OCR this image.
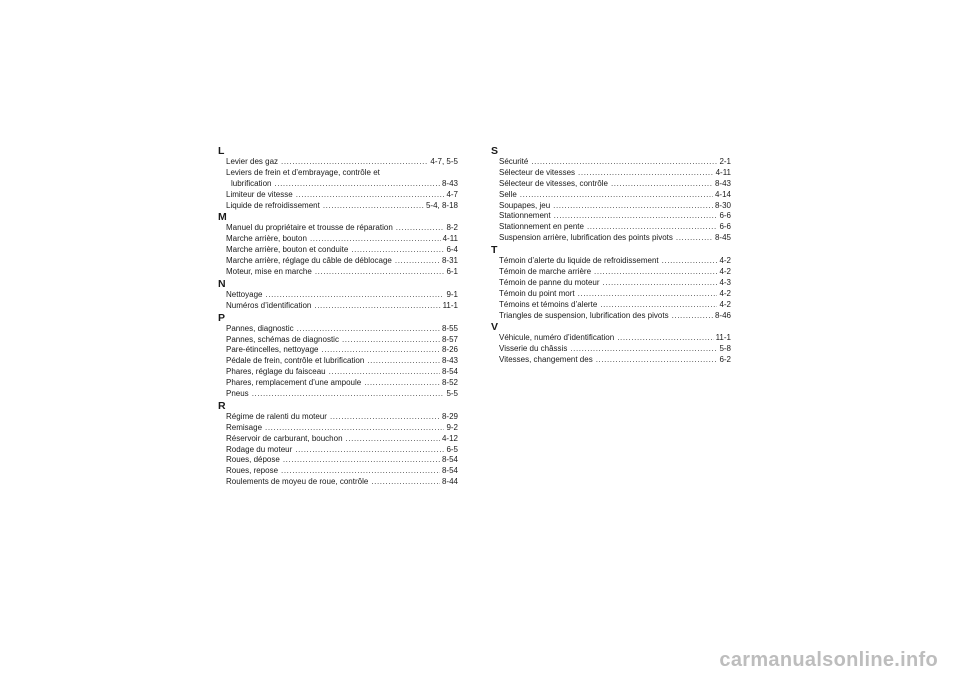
L
Levier des gaz .....	4-7, 5-5
Leviers de frein et d’embrayage, contrôle et
lubrification .....	8-43
Limiteur de vitesse .....	4-7
Liquide de refroidissement .....	5-4, 8-18
M
Manuel du propriétaire et trousse de réparation .....	8-2
Marche arrière, bouton .....	4-11
Marche arrière, bouton et conduite .....	6-4
Marche arrière, réglage du câble de déblocage .....	8-31
Moteur, mise en marche .....	6-1
N
Nettoyage .....	9-1
Numéros d’identification .....	11-1
P
Pannes, diagnostic .....	8-55
Pannes, schémas de diagnostic .....	8-57
Pare-étincelles, nettoyage .....	8-26
Pédale de frein, contrôle et lubrification .....	8-43
Phares, réglage du faisceau .....	8-54
Phares, remplacement d’une ampoule .....	8-52
Pneus .....	5-5
R
Régime de ralenti du moteur .....	8-29
Remisage .....	9-2
Réservoir de carburant, bouchon .....	4-12
Rodage du moteur .....	6-5
Roues, dépose .....	8-54
Roues, repose .....	8-54
Roulements de moyeu de roue, contrôle .....	8-44
S
Sécurité .....	2-1
Sélecteur de vitesses .....	4-11
Sélecteur de vitesses, contrôle .....	8-43
Selle .....	4-14
Soupapes, jeu .....	8-30
Stationnement .....	6-6
Stationnement en pente .....	6-6
Suspension arrière, lubrification des points pivots .....	8-45
T
Témoin d’alerte du liquide de refroidissement .....	4-2
Témoin de marche arrière .....	4-2
Témoin de panne du moteur .....	4-3
Témoin du point mort .....	4-2
Témoins et témoins d’alerte .....	4-2
Triangles de suspension, lubrification des pivots .....	8-46
V
Véhicule, numéro d’identification .....	11-1
Visserie du châssis .....	5-8
Vitesses, changement des .....	6-2
carmanualsonline.info
